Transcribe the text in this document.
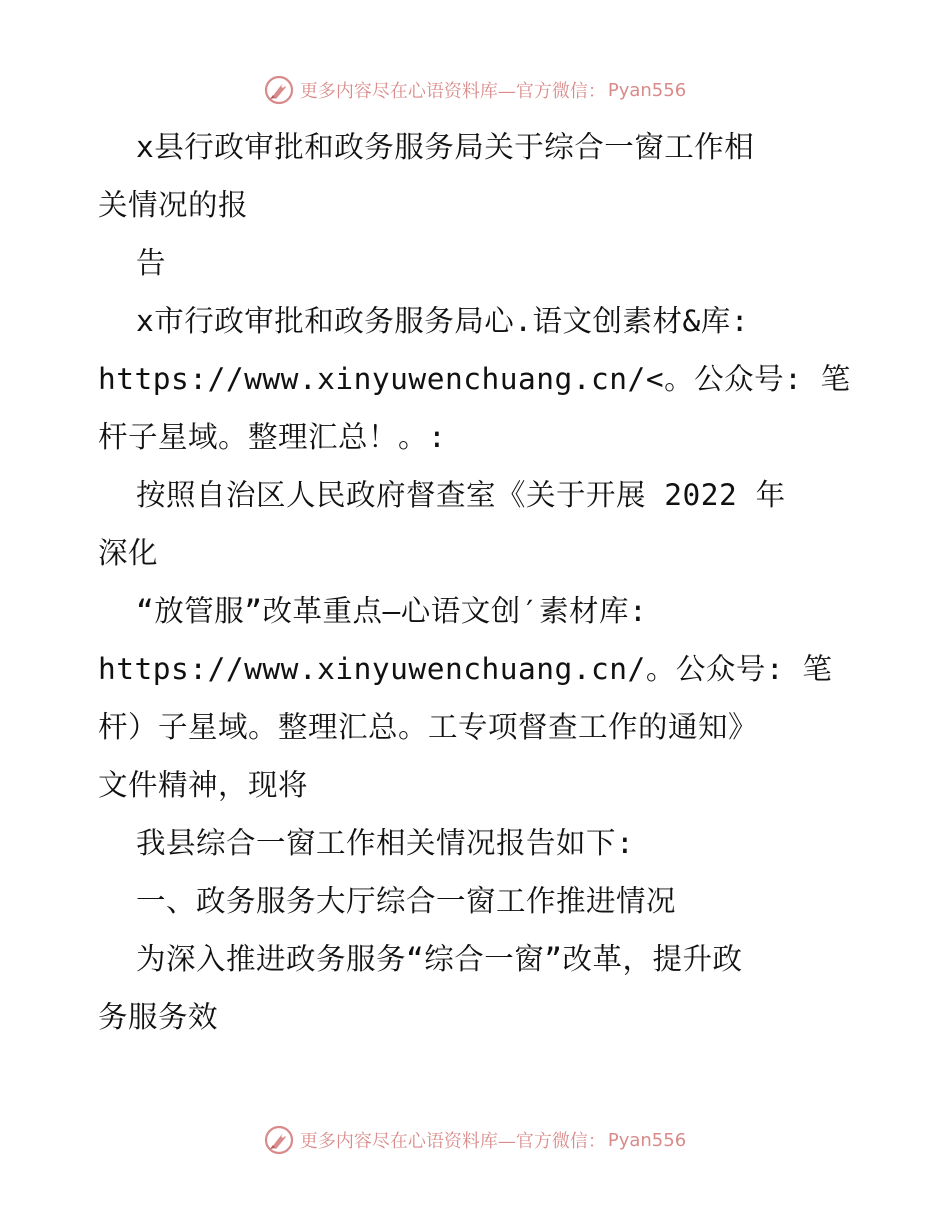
更多内容尽在心语资料库— 官方微信： Pyan556
x县行政审批和政务服务局关于综合一窗工作相
关情况的报
告
x市行政审批和政务服务局心.语文创素材&库:
https://www.xinyuwenchuang.cn/<。公众号: 笔
杆子星域。整理汇总！。:
按照自治区人民政府督查室《关于开展 2022 年
深化
“放管服”改革重点—心语文创′素材库:
https://www.xinyuwenchuang.cn/。公众号: 笔
杆）子星域。整理汇总。工专项督查工作的通知》
文件精神，现将
我县综合一窗工作相关情况报告如下:
一、政务服务大厅综合一窗工作推进情况
为深入推进政务服务“综合一窗”改革，提升政
务服务效
更多内容尽在心语资料库— 官方微信： Pyan556
